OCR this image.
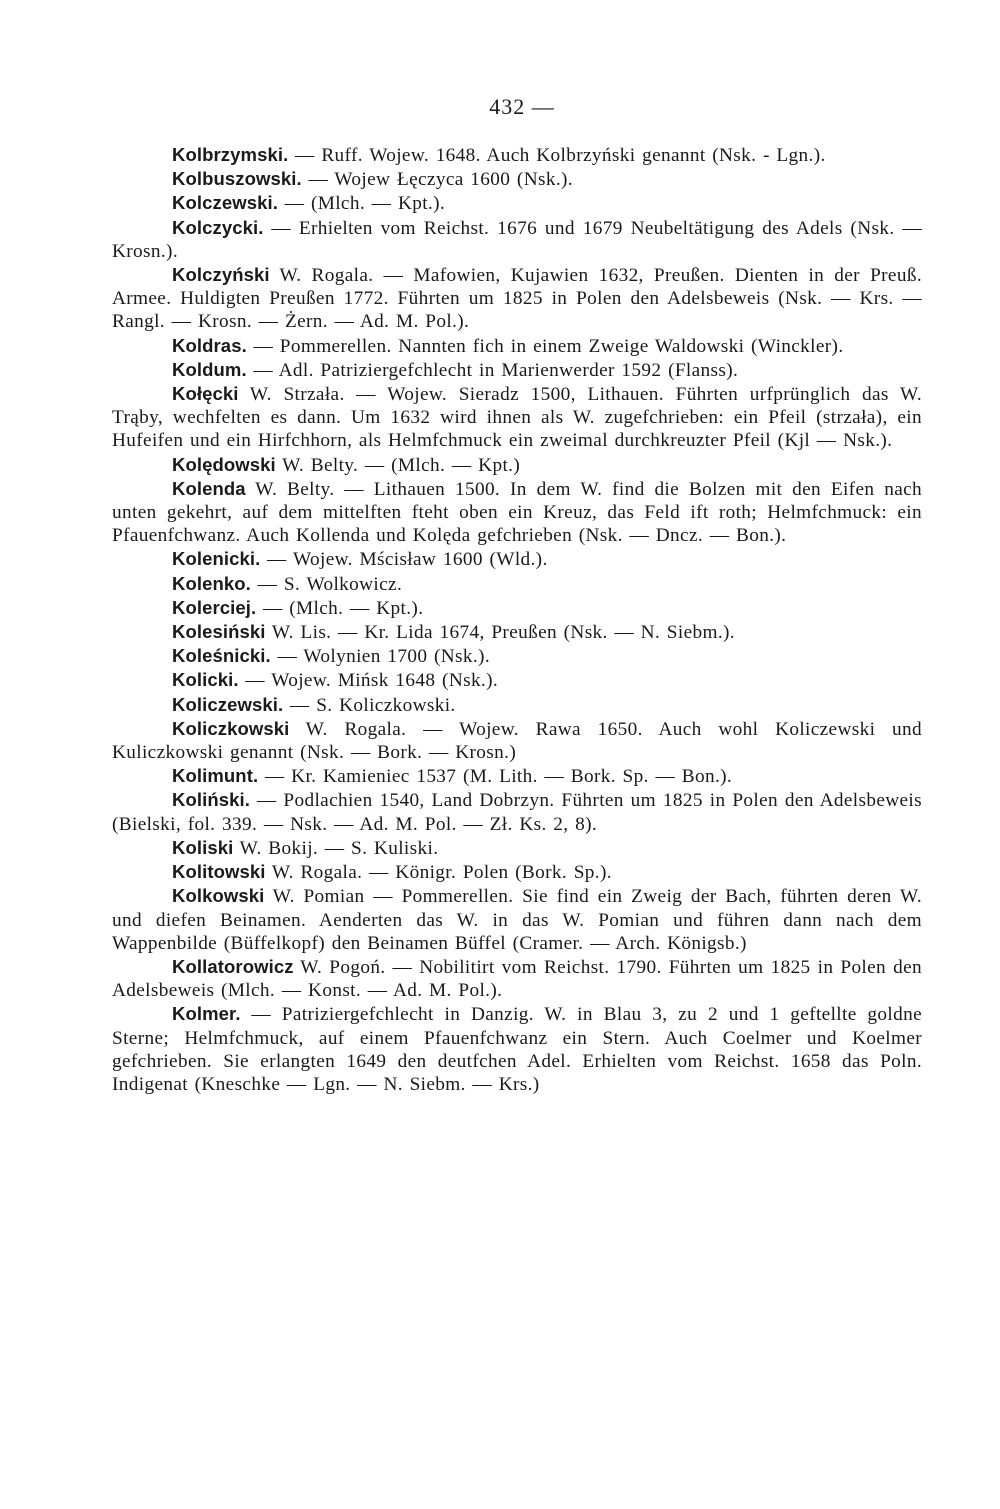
432 —

Kolbrzymski. — Ruff. Wojew. 1648. Auch Kolbrzyński genannt (Nsk. - Lgn.).

Kolbuszowski. — Wojew Łęczyca 1600 (Nsk.).

Kolczewski. — (Mlch. — Kpt.).

Kolczycki. — Erhielten vom Reichst. 1676 und 1679 Neubeltätigung des Adels (Nsk. — Krosn.).

Kolczyński W. Rogala. — Mafowien, Kujawien 1632, Preußen. Dienten in der Preuß. Armee. Huldigten Preußen 1772. Führten um 1825 in Polen den Adelsbeweis (Nsk. — Krs. — Rangl. — Krosn. — Żern. — Ad. M. Pol.).

Koldras. — Pommerellen. Nannten fich in einem Zweige Waldowski (Winckler).

Koldum. — Adl. Patriziergefchlecht in Marienwerder 1592 (Flanss).

Kołęcki W. Strzała. — Wojew. Sieradz 1500, Lithauen. Führten urfprünglich das W. Trąby, wechfelten es dann. Um 1632 wird ihnen als W. zugefchrieben: ein Pfeil (strzała), ein Hufeifen und ein Hirfchhorn, als Helmfchmuck ein zweimal durchkreuzter Pfeil (Kjl — Nsk.).

Kolędowski W. Belty. — (Mlch. — Kpt.)

Kolenda W. Belty. — Lithauen 1500. In dem W. find die Bolzen mit den Eifen nach unten gekehrt, auf dem mittelften fteht oben ein Kreuz, das Feld ift roth; Helmfchmuck: ein Pfauenfchwanz. Auch Kollenda und Kolęda gefchrieben (Nsk. — Dncz. — Bon.).

Kolenicki. — Wojew. Mścisław 1600 (Wld.).

Kolenko. — S. Wolkowicz.

Kolerciej. — (Mlch. — Kpt.).

Kolesiński W. Lis. — Kr. Lida 1674, Preußen (Nsk. — N. Siebm.).

Koleśnicki. — Wolynien 1700 (Nsk.).

Kolicki. — Wojew. Mińsk 1648 (Nsk.).

Koliczewski. — S. Koliczkowski.

Koliczkowski W. Rogala. — Wojew. Rawa 1650. Auch wohl Koliczewski und Kuliczkowski genannt (Nsk. — Bork. — Krosn.)

Kolimunt. — Kr. Kamieniec 1537 (M. Lith. — Bork. Sp. — Bon.).

Koliński. — Podlachien 1540, Land Dobrzyn. Führten um 1825 in Polen den Adelsbeweis (Bielski, fol. 339. — Nsk. — Ad. M. Pol. — Zł. Ks. 2, 8).

Koliski W. Bokij. — S. Kuliski.

Kolitowski W. Rogala. — Königr. Polen (Bork. Sp.).

Kolkowski W. Pomian — Pommerellen. Sie find ein Zweig der Bach, führten deren W. und diefen Beinamen. Aenderten das W. in das W. Pomian und führen dann nach dem Wappenbilde (Büffelkopf) den Beinamen Büffel (Cramer. — Arch. Königsb.)

Kollatorowicz W. Pogoń. — Nobilitirt vom Reichst. 1790. Führten um 1825 in Polen den Adelsbeweis (Mlch. — Konst. — Ad. M. Pol.).

Kolmer. — Patriziergefchlecht in Danzig. W. in Blau 3, zu 2 und 1 geftellte goldne Sterne; Helmfchmuck, auf einem Pfauenfchwanz ein Stern. Auch Coelmer und Koelmer gefchrieben. Sie erlangten 1649 den deutfchen Adel. Erhielten vom Reichst. 1658 das Poln. Indigenat (Kneschke — Lgn. — N. Siebm. — Krs.)
